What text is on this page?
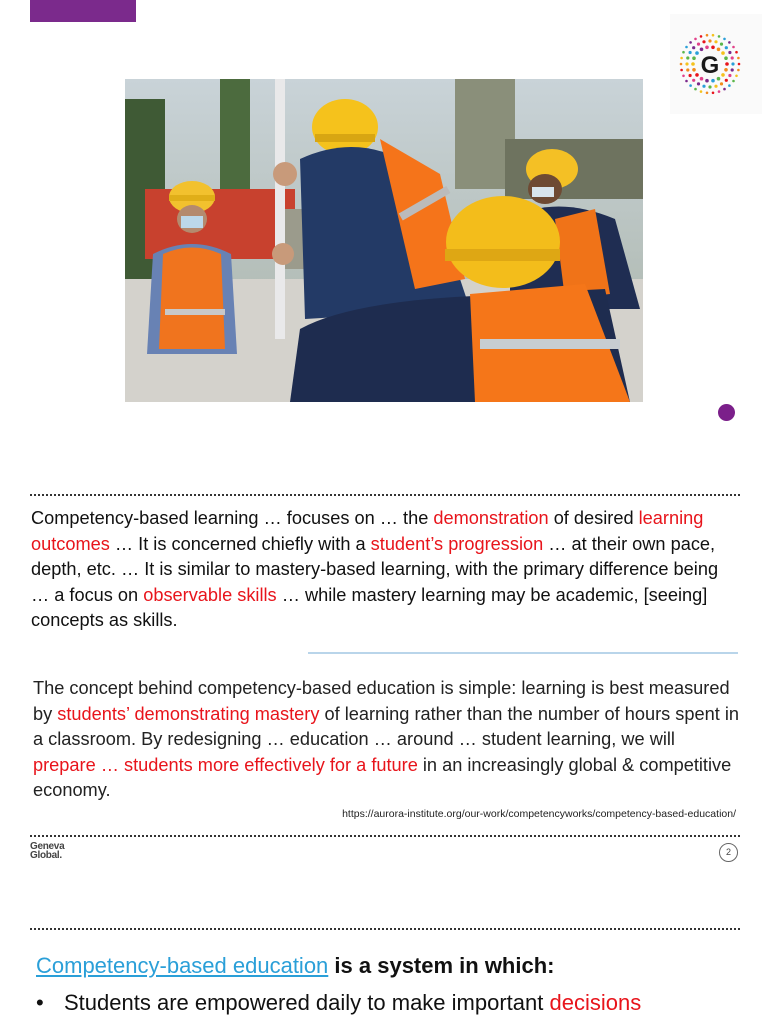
G
Competency-based learning … focuses on … the demonstration of desired learning outcomes … It is concerned chiefly with a student’s progression … at their own pace, depth, etc. … It is similar to mastery-based learning, with the primary difference being … a focus on observable skills … while mastery learning may be academic, [seeing] concepts as skills.
The concept behind competency-based education is simple: learning is best measured by students’ demonstrating mastery of learning rather than the number of hours spent in a classroom. By redesigning … education … around … student learning, we will prepare … students more effectively for a future in an increasingly global & competitive economy.
https://aurora-institute.org/our-work/competencyworks/competency-based-education/
Geneva
Global.	2
Competency-based education is a system in which:
• Students are empowered daily to make important decisions
